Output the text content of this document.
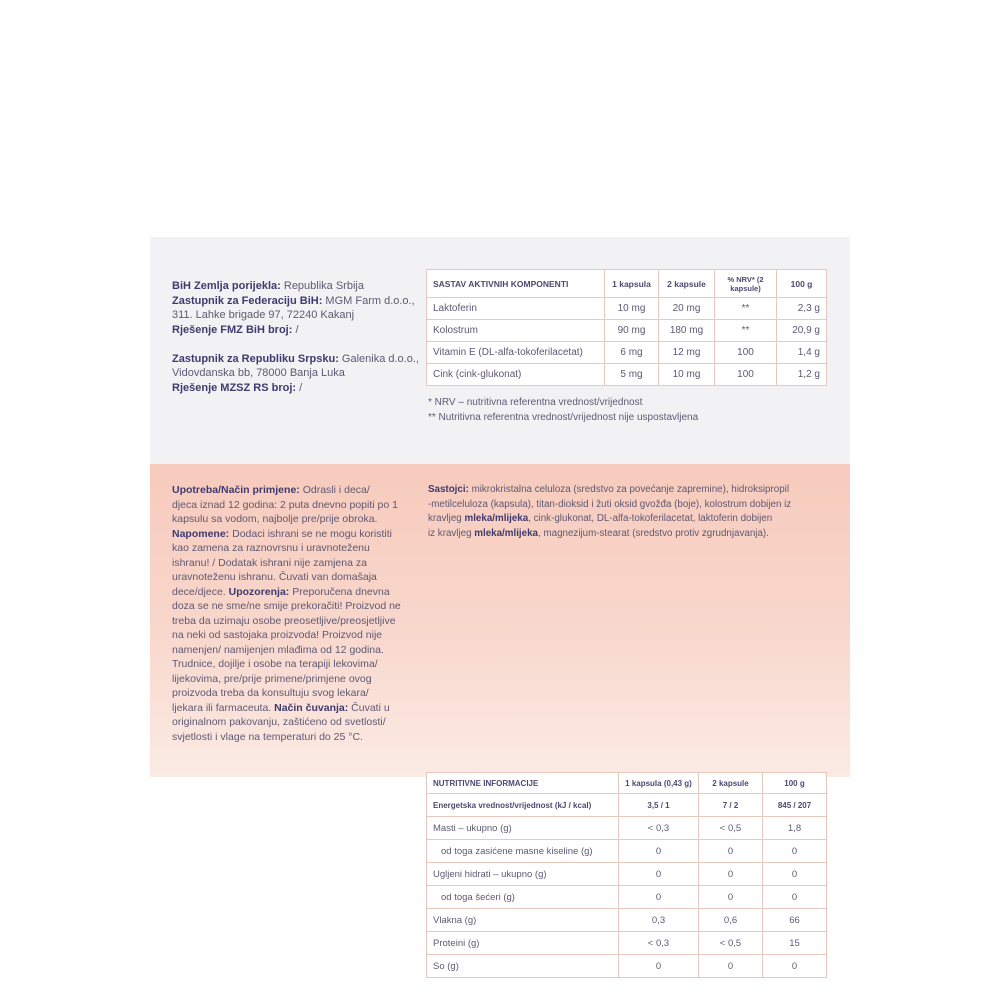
BiH Zemlja porijekla: Republika Srbija
Zastupnik za Federaciju BiH: MGM Farm d.o.o.,
311. Lahke brigade 97, 72240 Kakanj
Rješenje FMZ BiH broj: /

Zastupnik za Republiku Srpsku: Galenika d.o.o.,
Vidovdanska bb, 78000 Banja Luka
Rješenje MZSZ RS broj: /
SASTAV AKTIVNIH KOMPONENTI	1 kapsula	2 kapsule	% NRV* (2 kapsule)	100 g
Laktoferin	10 mg	20 mg	**	2,3 g
Kolostrum	90 mg	180 mg	**	20,9 g
Vitamin E (DL-alfa-tokoferilacetat)	6 mg	12 mg	100	1,4 g
Cink (cink-glukonat)	5 mg	10 mg	100	1,2 g
* NRV – nutritivna referentna vrednost/vrijednost
** Nutritivna referentna vrednost/vrijednost nije uspostavljena
Upotreba/Način primjene: Odrasli i deca/
djeca iznad 12 godina: 2 puta dnevno popiti po 1
kapsulu sa vodom, najbolje pre/prije obroka.
Napomene: Dodaci ishrani se ne mogu koristiti
kao zamena za raznovrsnu i uravnoteženu
ishranu! / Dodatak ishrani nije zamjena za
uravnoteženu ishranu. Čuvati van domašaja
dece/djece. Upozorenja: Preporučena dnevna
doza se ne sme/ne smije prekoračiti! Proizvod ne
treba da uzimaju osobe preosetljive/preosjetljive
na neki od sastojaka proizvoda! Proizvod nije
namenjen/ namijenjen mlađima od 12 godina.
Trudnice, dojilje i osobe na terapiji lekovima/
lijekovima, pre/prije primene/primjene ovog
proizvoda treba da konsultuju svog lekara/
ljekara ili farmaceuta. Način čuvanja: Čuvati u
originalnom pakovanju, zaštićeno od svetlosti/
svjetlosti i vlage na temperaturi do 25 °C.
Sastojci: mikrokristalna celuloza (sredstvo za povećanje zapremine), hidroksipropil
-metilceluloza (kapsula), titan-dioksid i žuti oksid gvožđa (boje), kolostrum dobijen iz
kravljeg mleka/mlijeka, cink-glukonat, DL-alfa-tokoferilacetat, laktoferin dobijen
iz kravljeg mleka/mlijeka, magnezijum-stearat (sredstvo protiv zgrudnjavanja).
NUTRITIVNE INFORMACIJE	1 kapsula (0,43 g)	2 kapsule	100 g
Energetska vrednost/vrijednost (kJ / kcal)	3,5 / 1	7 / 2	845 / 207
Masti – ukupno (g)	< 0,3	< 0,5	1,8
od toga zasićene masne kiseline (g)	0	0	0
Ugljeni hidrati – ukupno (g)	0	0	0
od toga šećeri (g)	0	0	0
Vlakna (g)	0,3	0,6	66
Proteini (g)	< 0,3	< 0,5	15
So (g)	0	0	0
